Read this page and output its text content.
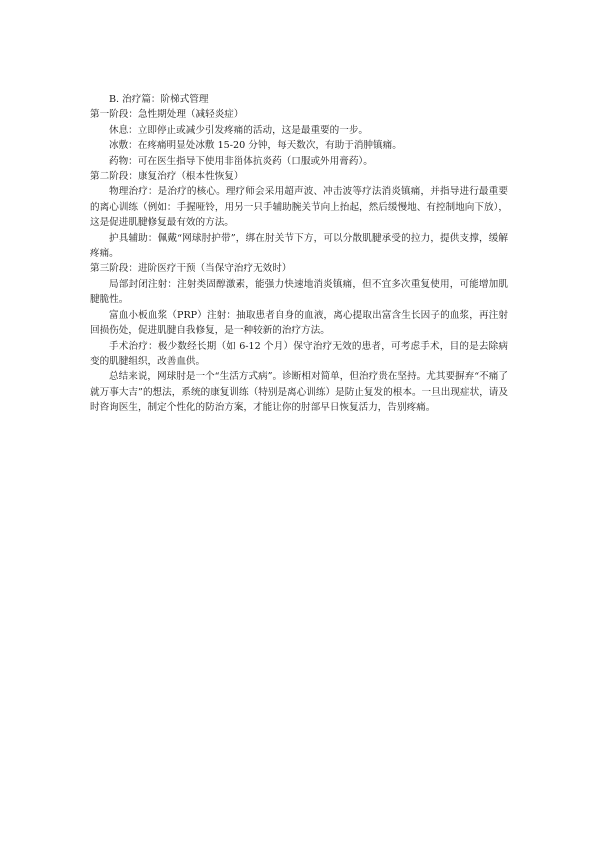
B. 治疗篇：阶梯式管理

第一阶段：急性期处理（减轻炎症）

休息：立即停止或减少引发疼痛的活动，这是最重要的一步。

冰敷：在疼痛明显处冰敷 15-20 分钟，每天数次，有助于消肿镇痛。

药物：可在医生指导下使用非甾体抗炎药（口服或外用膏药）。

第二阶段：康复治疗（根本性恢复）

物理治疗：是治疗的核心。理疗师会采用超声波、冲击波等疗法消炎镇痛，并指导进行最重要的离心训练（例如：手握哑铃，用另一只手辅助腕关节向上抬起，然后缓慢地、有控制地向下放），这是促进肌腱修复最有效的方法。

护具辅助：佩戴“网球肘护带”，绑在肘关节下方，可以分散肌腱承受的拉力，提供支撑，缓解疼痛。

第三阶段：进阶医疗干预（当保守治疗无效时）

局部封闭注射：注射类固醇激素，能强力快速地消炎镇痛，但不宜多次重复使用，可能增加肌腱脆性。

富血小板血浆（PRP）注射：抽取患者自身的血液，离心提取出富含生长因子的血浆，再注射回损伤处，促进肌腱自我修复，是一种较新的治疗方法。

手术治疗：极少数经长期（如 6-12 个月）保守治疗无效的患者，可考虑手术，目的是去除病变的肌腱组织，改善血供。

总结来说，网球肘是一个“生活方式病”。诊断相对简单，但治疗贵在坚持。尤其要摒弃“不痛了就万事大吉”的想法，系统的康复训练（特别是离心训练）是防止复发的根本。一旦出现症状，请及时咨询医生，制定个性化的防治方案，才能让你的肘部早日恢复活力，告别疼痛。
